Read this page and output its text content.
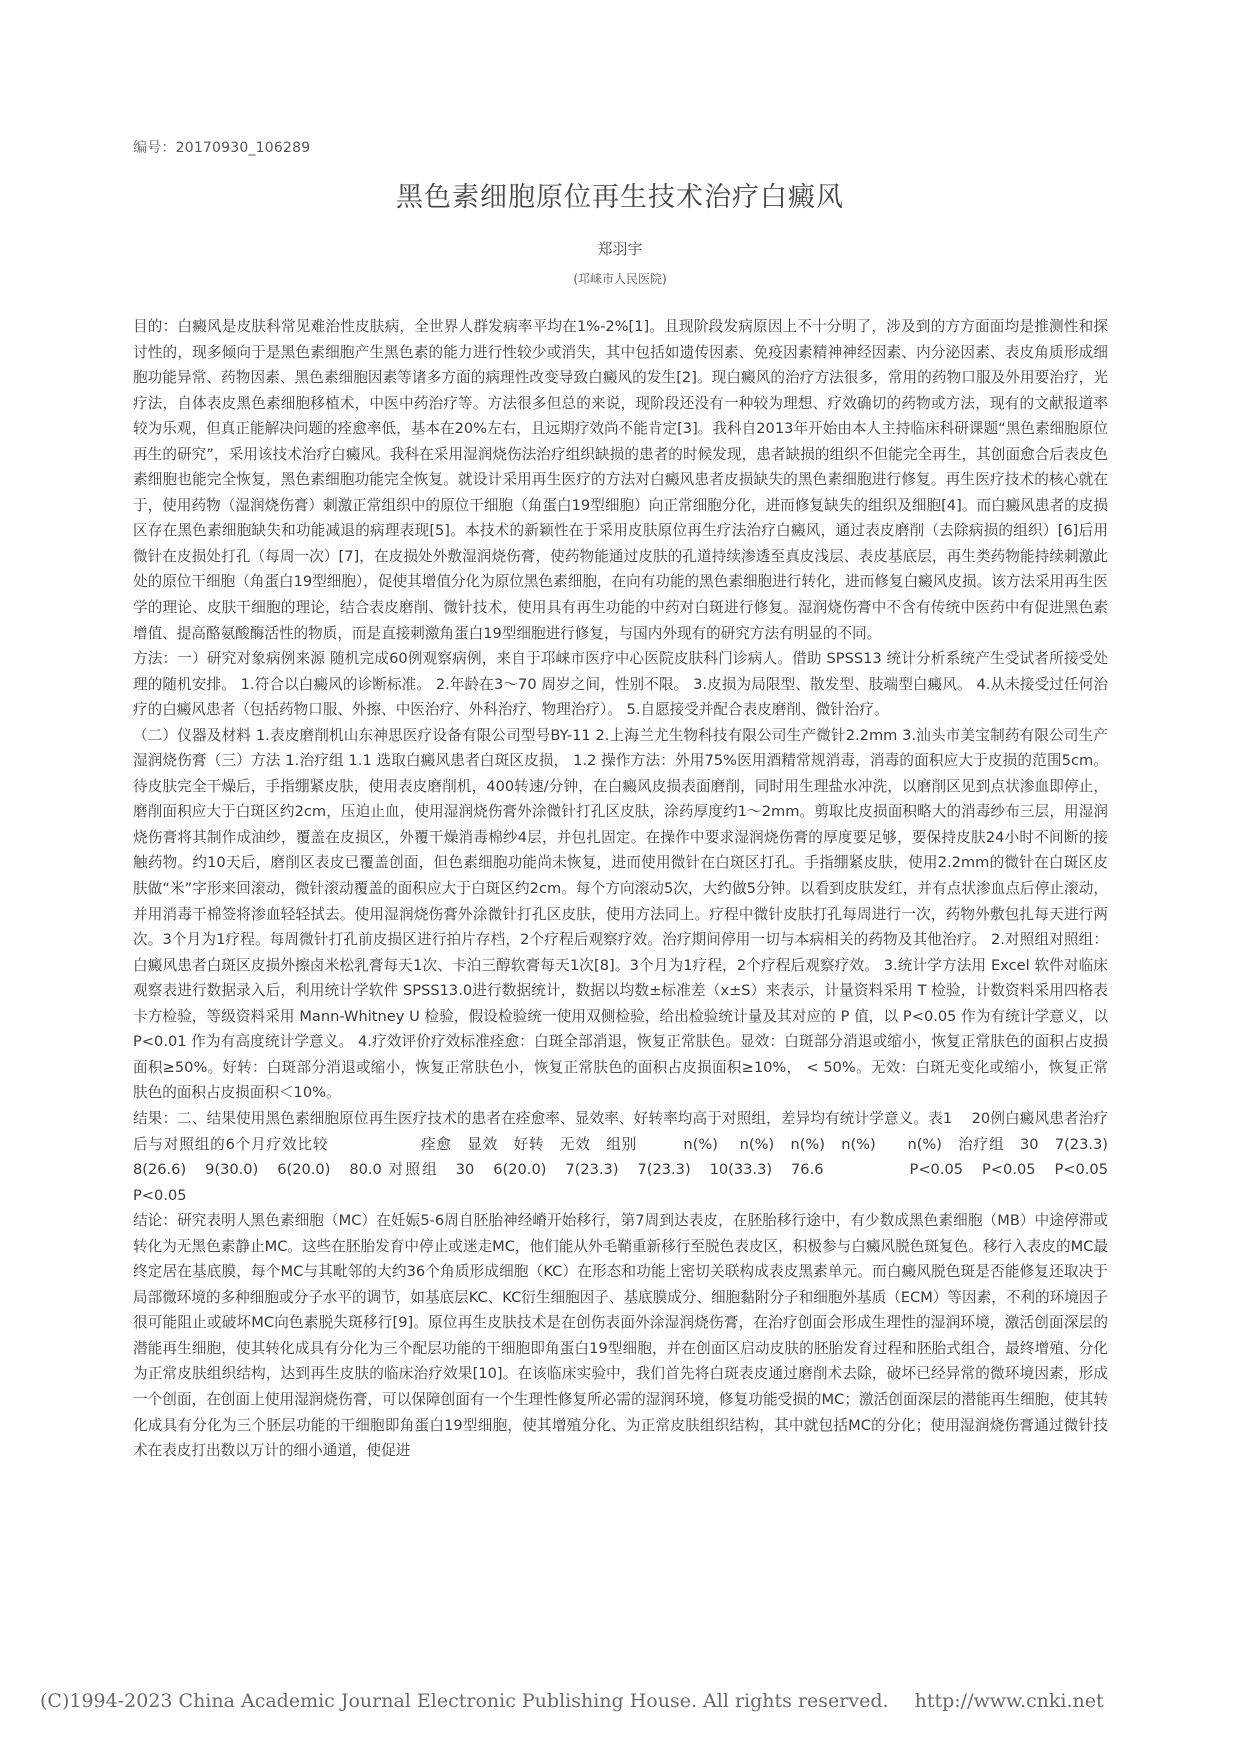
编号：20170930_106289
黑色素细胞原位再生技术治疗白癜风
郑羽宇
(邛崃市人民医院)

目的：白癜风是皮肤科常见难治性皮肤病，全世界人群发病率平均在1%-2%[1]。且现阶段发病原因上不十分明了，涉及到的方方面面均是推测性和探讨性的，现多倾向于是黑色素细胞产生黑色素的能力进行性较少或消失，其中包括如遗传因素、免疫因素精神神经因素、内分泌因素、表皮角质形成细胞功能异常、药物因素、黑色素细胞因素等诸多方面的病理性改变导致白癜风的发生[2]。现白癜风的治疗方法很多，常用的药物口服及外用要治疗，光疗法，自体表皮黑色素细胞移植术，中医中药治疗等。方法很多但总的来说，现阶段还没有一种较为理想、疗效确切的药物或方法，现有的文献报道率较为乐观，但真正能解决问题的痊愈率低，基本在20%左右，且远期疗效尚不能肯定[3]。我科自2013年开始由本人主持临床科研课题“黑色素细胞原位再生的研究”，采用该技术治疗白癜风。我科在采用湿润烧伤法治疗组织缺损的患者的时候发现，患者缺损的组织不但能完全再生，其创面愈合后表皮色素细胞也能完全恢复，黑色素细胞功能完全恢复。就设计采用再生医疗的方法对白癜风患者皮损缺失的黑色素细胞进行修复。再生医疗技术的核心就在于，使用药物（湿润烧伤膏）刺激正常组织中的原位干细胞（角蛋白19型细胞）向正常细胞分化，进而修复缺失的组织及细胞[4]。而白癜风患者的皮损区存在黑色素细胞缺失和功能减退的病理表现[5]。本技术的新颖性在于采用皮肤原位再生疗法治疗白癜风，通过表皮磨削（去除病损的组织）[6]后用微针在皮损处打孔（每周一次）[7]，在皮损处外敷湿润烧伤膏，使药物能通过皮肤的孔道持续渗透至真皮浅层、表皮基底层，再生类药物能持续刺激此处的原位干细胞（角蛋白19型细胞），促使其增值分化为原位黑色素细胞，在向有功能的黑色素细胞进行转化，进而修复白癜风皮损。该方法采用再生医学的理论、皮肤干细胞的理论，结合表皮磨削、微针技术，使用具有再生功能的中药对白斑进行修复。湿润烧伤膏中不含有传统中医药中有促进黑色素增值、提高酪氨酸酶活性的物质，而是直接刺激角蛋白19型细胞进行修复，与国内外现有的研究方法有明显的不同。

方法：一）研究对象病例来源 随机完成60例观察病例，来自于邛崃市医疗中心医院皮肤科门诊病人。借助 SPSS13 统计分析系统产生受试者所接受处理的随机安排。 1.符合以白癜风的诊断标准。 2.年龄在3～70 周岁之间，性别不限。 3.皮损为局限型、散发型、肢端型白癜风。 4.从未接受过任何治疗的白癜风患者（包括药物口服、外擦、中医治疗、外科治疗、物理治疗）。 5.自愿接受并配合表皮磨削、微针治疗。

（二）仪器及材料 1.表皮磨削机山东神思医疗设备有限公司型号BY-11 2.上海兰尤生物科技有限公司生产微针2.2mm 3.汕头市美宝制药有限公司生产湿润烧伤膏（三）方法 1.治疗组 1.1 选取白癜风患者白斑区皮损， 1.2 操作方法：外用75%医用酒精常规消毒，消毒的面积应大于皮损的范围5cm。待皮肤完全干燥后，手指绷紧皮肤，使用表皮磨削机，400转速/分钟，在白癜风皮损表面磨削，同时用生理盐水冲洗，以磨削区见到点状渗血即停止，磨削面积应大于白斑区约2cm，压迫止血，使用湿润烧伤膏外涂微针打孔区皮肤，涂药厚度约1～2mm。剪取比皮损面积略大的消毒纱布三层，用湿润烧伤膏将其制作成油纱，覆盖在皮损区，外覆干燥消毒棉纱4层，并包扎固定。在操作中要求湿润烧伤膏的厚度要足够，要保持皮肤24小时不间断的接触药物。约10天后，磨削区表皮已覆盖创面，但色素细胞功能尚未恢复，进而使用微针在白斑区打孔。手指绷紧皮肤，使用2.2mm的微针在白斑区皮肤做“米”字形来回滚动，微针滚动覆盖的面积应大于白斑区约2cm。每个方向滚动5次，大约做5分钟。以看到皮肤发红，并有点状渗血点后停止滚动，并用消毒干棉签将渗血轻轻拭去。使用湿润烧伤膏外涂微针打孔区皮肤，使用方法同上。疗程中微针皮肤打孔每周进行一次，药物外敷包扎每天进行两次。3个月为1疗程。每周微针打孔前皮损区进行拍片存档，2个疗程后观察疗效。治疗期间停用一切与本病相关的药物及其他治疗。 2.对照组对照组：白癜风患者白斑区皮损外擦卤米松乳膏每天1次、卡泊三醇软膏每天1次[8]。3个月为1疗程，2个疗程后观察疗效。 3.统计学方法用 Excel 软件对临床观察表进行数据录入后，利用统计学软件 SPSS13.0进行数据统计，数据以均数±标准差（x±S）来表示，计量资料采用 T 检验，计数资料采用四格表卡方检验，等级资料采用 Mann-Whitney U 检验，假设检验统一使用双侧检验，给出检验统计量及其对应的 P 值，以 P<0.05 作为有统计学意义，以 P<0.01 作为有高度统计学意义。 4.疗效评价疗效标准痊愈：白斑全部消退，恢复正常肤色。显效：白斑部分消退或缩小，恢复正常肤色的面积占皮损面积≥50%。好转：白斑部分消退或缩小，恢复正常肤色小，恢复正常肤色的面积占皮损面积≥10%， < 50%。无效：白斑无变化或缩小，恢复正常肤色的面积占皮损面积＜10%。

结果：二、结果使用黑色素细胞原位再生医疗技术的患者在痊愈率、显效率、好转率均高于对照组，差异均有统计学意义。表1 　20例白癜风患者治疗后与对照组的6个月疗效比较　　　　　　痊愈　显效　好转　无效　组别　　　n(%)　 n(%)　n(%)　n(%)　　n(%)　治疗组　30　7(23.3)　8(26.6)　9(30.0)　6(20.0)　80.0 对照组　30　6(20.0)　7(23.3)　7(23.3)　10(33.3)　76.6　　　　　P<0.05　P<0.05　P<0.05　　　P<0.05

结论：研究表明人黑色素细胞（MC）在妊娠5-6周自胚胎神经嵴开始移行，第7周到达表皮，在胚胎移行途中，有少数成黑色素细胞（MB）中途停滞或转化为无黑色素静止MC。这些在胚胎发育中停止或迷走MC，他们能从外毛鞘重新移行至脱色表皮区，积极参与白癜风脱色斑复色。移行入表皮的MC最终定居在基底膜，每个MC与其毗邻的大约36个角质形成细胞（KC）在形态和功能上密切关联构成表皮黑素单元。而白癜风脱色斑是否能修复还取决于局部微环境的多种细胞或分子水平的调节，如基底层KC、KC衍生细胞因子、基底膜成分、细胞黏附分子和细胞外基质（ECM）等因素，不利的环境因子很可能阻止或破坏MC向色素脱失斑移行[9]。原位再生皮肤技术是在创伤表面外涂湿润烧伤膏，在治疗创面会形成生理性的湿润环境，激活创面深层的潜能再生细胞，使其转化成具有分化为三个配层功能的干细胞即角蛋白19型细胞，并在创面区启动皮肤的胚胎发育过程和胚胎式组合，最终增殖、分化为正常皮肤组织结构，达到再生皮肤的临床治疗效果[10]。在该临床实验中，我们首先将白斑表皮通过磨削术去除，破坏已经异常的微环境因素，形成一个创面，在创面上使用湿润烧伤膏，可以保障创面有一个生理性修复所必需的湿润环境，修复功能受损的MC；激活创面深层的潜能再生细胞，使其转化成具有分化为三个胚层功能的干细胞即角蛋白19型细胞，使其增殖分化、为正常皮肤组织结构，其中就包括MC的分化；使用湿润烧伤膏通过微针技术在表皮打出数以万计的细小通道，使促进

(C)1994-2023 China Academic Journal Electronic Publishing House. All rights reserved. http://www.cnki.net
